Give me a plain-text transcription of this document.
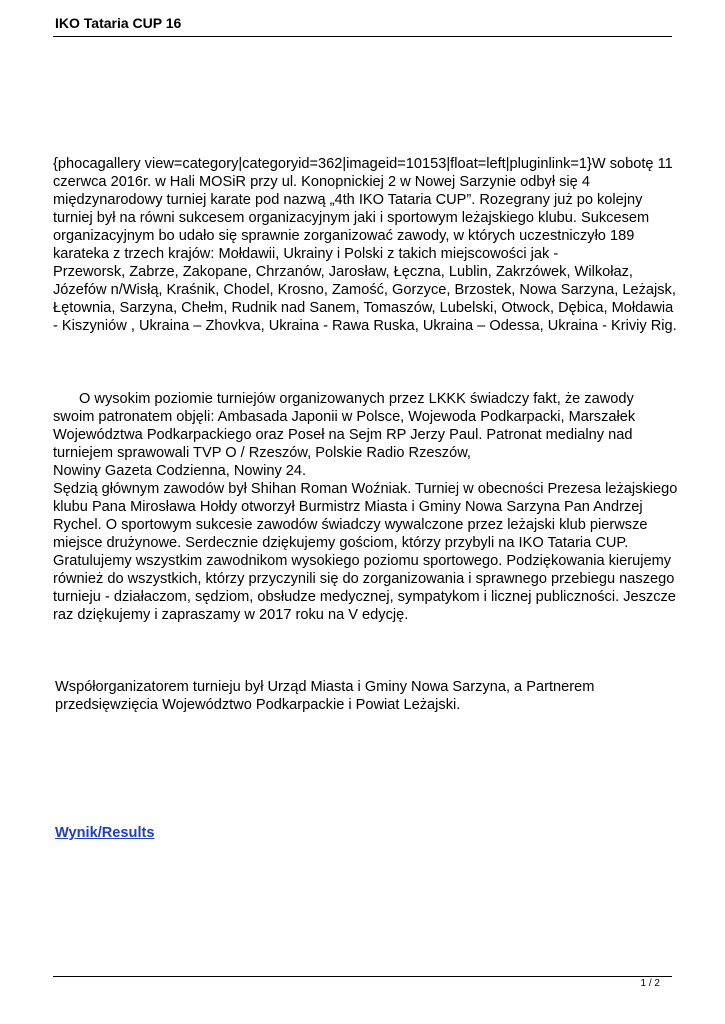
IKO Tataria CUP 16

{phocagallery view=category|categoryid=362|imageid=10153|float=left|pluginlink=1}W sobotę 11 czerwca 2016r. w Hali MOSiR przy ul. Konopnickiej 2 w Nowej Sarzynie odbył się 4 międzynarodowy turniej karate pod nazwą „4th IKO Tataria CUP”. Rozegrany już po kolejny turniej był na równi sukcesem organizacyjnym jaki i sportowym leżajskiego klubu. Sukcesem organizacyjnym bo udało się sprawnie zorganizować zawody, w których uczestniczyło 189 karateka z trzech krajów: Mołdawii, Ukrainy i Polski z takich miejscowości jak -
Przeworsk, Zabrze, Zakopane, Chrzanów, Jarosław, Łęczna, Lublin, Zakrzówek, Wilkołaz, Józefów n/Wisłą, Kraśnik, Chodel, Krosno, Zamość, Gorzyce, Brzostek, Nowa Sarzyna, Leżajsk, Łętownia, Sarzyna, Chełm, Rudnik nad Sanem, Tomaszów, Lubelski, Otwock, Dębica, Mołdawia - Kiszyniów , Ukraina – Zhovkva, Ukraina - Rawa Ruska, Ukraina – Odessa, Ukraina - Kriviy Rig.

O wysokim poziomie turniejów organizowanych przez LKKK świadczy fakt, że zawody swoim patronatem objęli: Ambasada Japonii w Polsce, Wojewoda Podkarpacki, Marszałek Województwa Podkarpackiego oraz Poseł na Sejm RP Jerzy Paul. Patronat medialny nad turniejem sprawowali TVP O / Rzeszów, Polskie Radio Rzeszów,

Nowiny Gazeta Codzienna, Nowiny 24.
Sędzią głównym zawodów był Shihan Roman Woźniak. Turniej w obecności Prezesa leżajskiego klubu Pana Mirosława Hołdy otworzył Burmistrz Miasta i Gminy Nowa Sarzyna Pan Andrzej Rychel. O sportowym sukcesie zawodów świadczy wywalczone przez leżajski klub pierwsze miejsce drużynowe. Serdecznie dziękujemy gościom, którzy przybyli na IKO Tataria CUP. Gratulujemy wszystkim zawodnikom wysokiego poziomu sportowego. Podziękowania kierujemy również do wszystkich, którzy przyczynili się do zorganizowania i sprawnego przebiegu naszego turnieju - działaczom, sędziom, obsłudze medycznej, sympatykom i licznej publiczności. Jeszcze raz dziękujemy i zapraszamy w 2017 roku na V edycję.

Współorganizatorem turnieju był Urząd Miasta i Gminy Nowa Sarzyna, a Partnerem przedsięwzięcia Województwo Podkarpackie i Powiat Leżajski.

Wynik/Results
1 / 2
